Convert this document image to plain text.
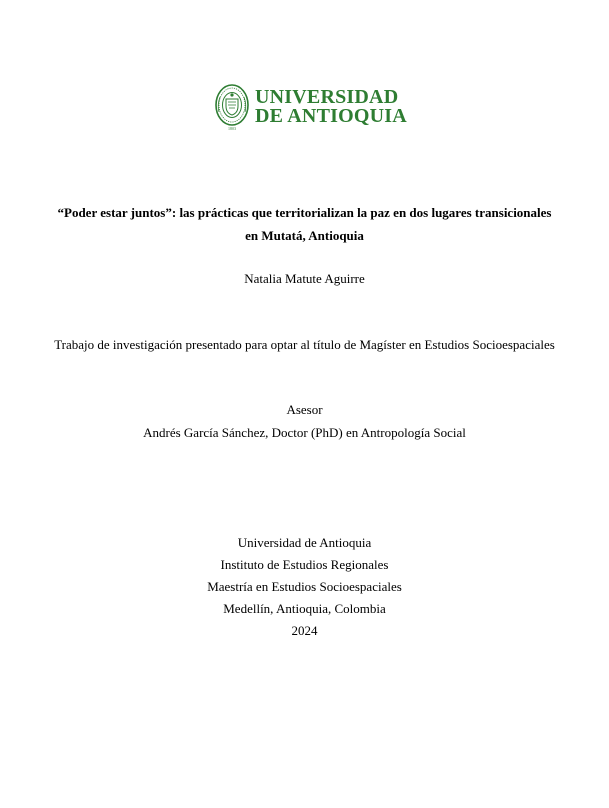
1803
UNIVERSIDAD
DE ANTIOQUIA
“Poder estar juntos”: las prácticas que territorializan la paz en dos lugares transicionales
en Mutatá, Antioquia
Natalia Matute Aguirre
Trabajo de investigación presentado para optar al título de Magíster en Estudios Socioespaciales
Asesor
Andrés García Sánchez, Doctor (PhD) en Antropología Social
Universidad de Antioquia
Instituto de Estudios Regionales
Maestría en Estudios Socioespaciales
Medellín, Antioquia, Colombia
2024
